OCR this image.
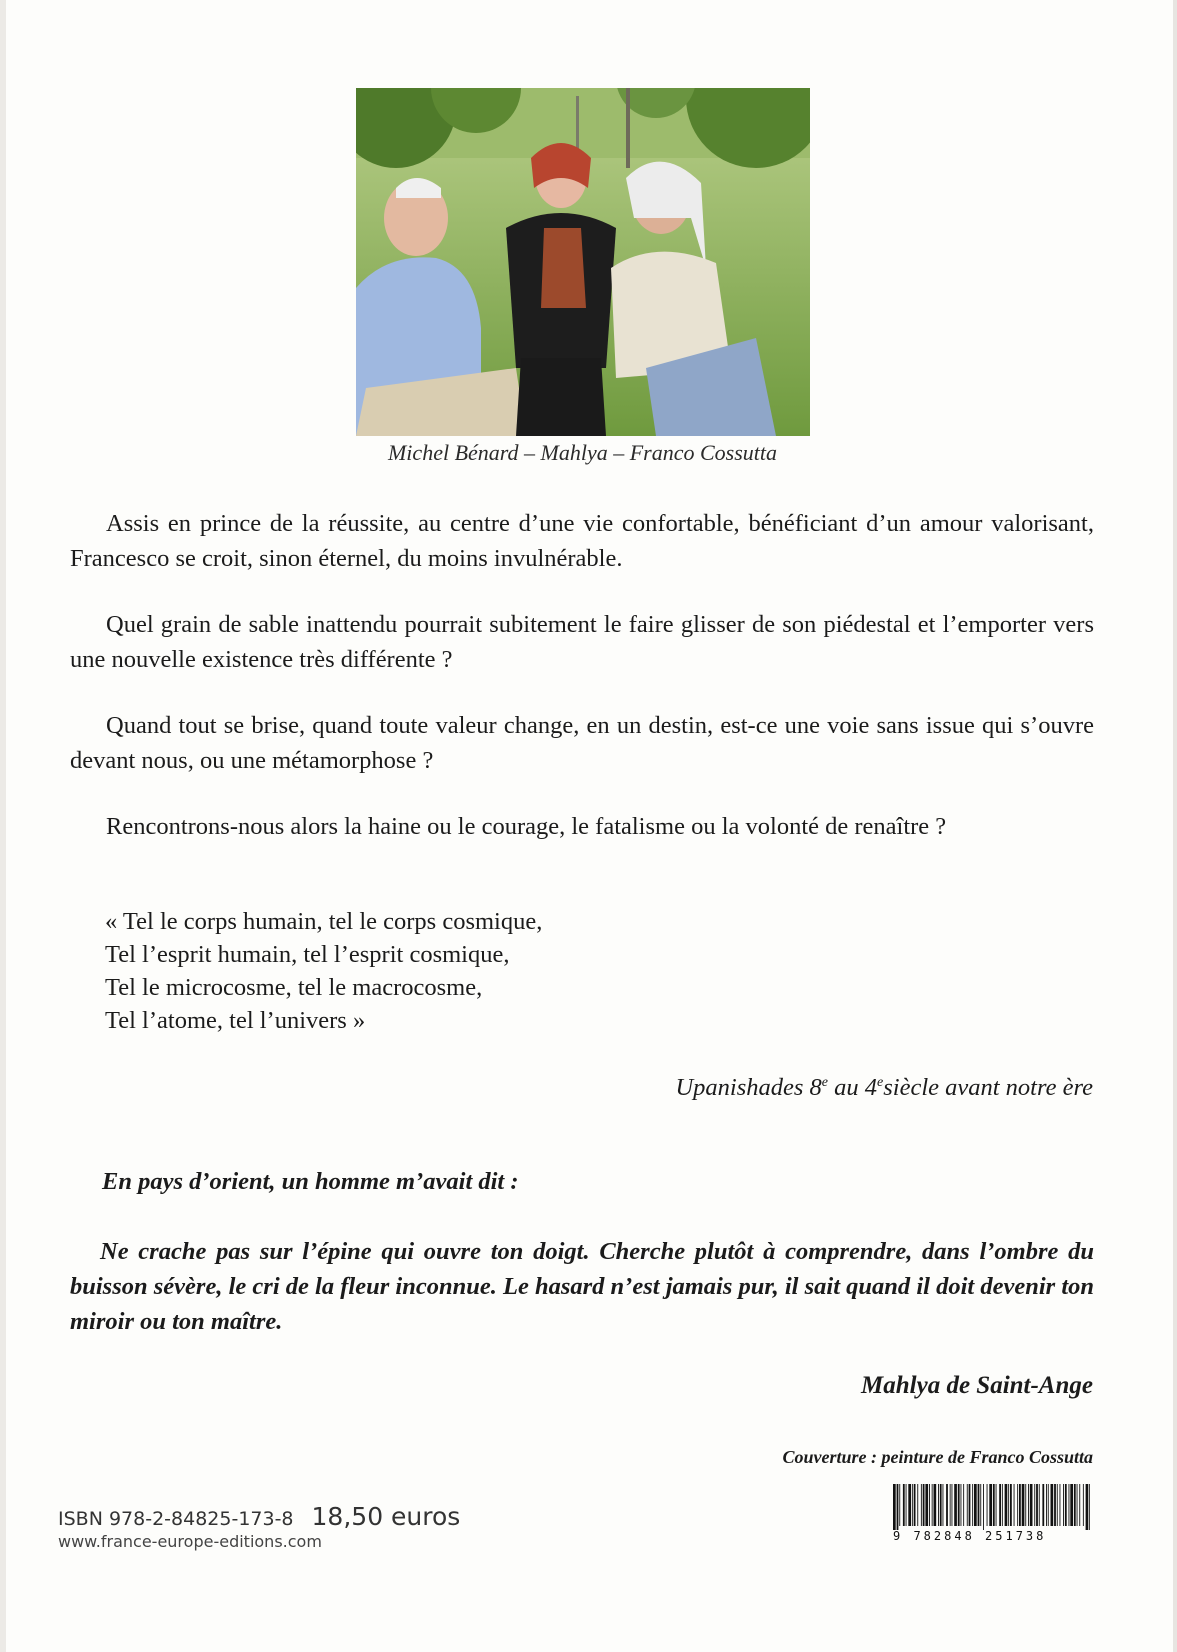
Michel Bénard – Mahlya – Franco Cossutta

Assis en prince de la réussite, au centre d’une vie confortable, bénéficiant d’un amour valorisant, Francesco se croit, sinon éternel, du moins invulnérable.

Quel grain de sable inattendu pourrait subitement le faire glisser de son piédestal et l’emporter vers une nouvelle existence très différente ?

Quand tout se brise, quand toute valeur change, en un destin, est-ce une voie sans issue qui s’ouvre devant nous, ou une métamorphose ?

Rencontrons-nous alors la haine ou le courage, le fatalisme ou la volonté de renaître ?

« Tel le corps humain, tel le corps cosmique,
Tel l’esprit humain, tel l’esprit cosmique,
Tel le microcosme, tel le macrocosme,
Tel l’atome, tel l’univers »
Upanishades 8e au 4esiècle avant notre ère
En pays d’orient, un homme m’avait dit :

Ne crache pas sur l’épine qui ouvre ton doigt. Cherche plutôt à comprendre, dans l’ombre du buisson sévère, le cri de la fleur inconnue. Le hasard n’est jamais pur, il sait quand il doit devenir ton miroir ou ton maître.

Mahlya de Saint-Ange
Couverture : peinture de Franco Cossutta
ISBN 978-2-84825-173-8 18,50 euros
www.france-europe-editions.com	9 782848 251738
